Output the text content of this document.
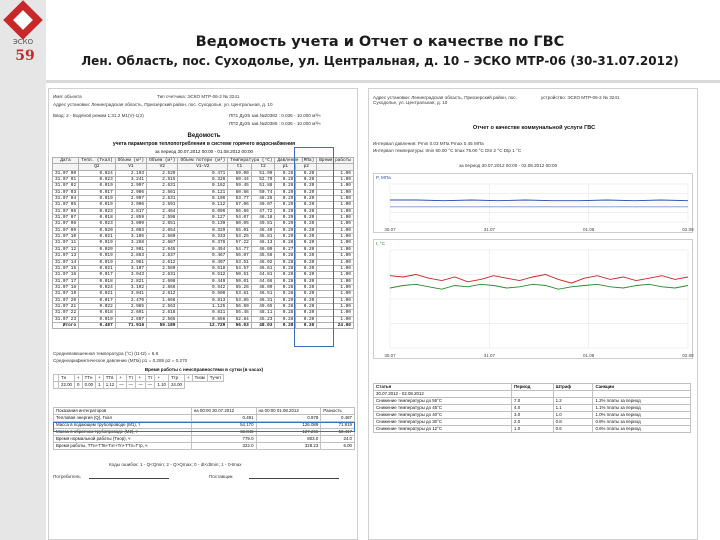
ЭСКО
59
Ведомость учета и Отчет о качестве по ГВС
Лен. Область, пос. Суходолье, ул. Центральная, д. 10 – ЭСКО МТР-06 (30-31.07.2012)
Имя: объекта	Тип счетчика: ЭСКО МТР-06-2 № 3241
Адрес установки: Ленинградская область, Приозерский район, пос. Суходолье, ул. Центральная, д. 10
Ввод: 2 - Водяной режим 1;31.2 М1(V)-1(2)	ПП1 Ду25 зав.№20382 : 0.036 - 10.000 м³/ч
ПП2 Ду25 зав.№20386 : 0.036 - 10.000 м³/ч
Ведомость
учета параметров теплопотребления в системе горячего водоснабжения
за период 30.07.2012 00:00 - 01.08.2012 00:00
Дата	Тепл. (Гкал)	Объем (м³)	Объем (м³)	Объем потери (м³)	Температура (°С)		Давление (МПа)		Время работы
	Q2	V1	V2	V1-V2	t1	t2	p1	p2	
31.07 00	0.024	2.193	2.529	0.471	59.00	51.99	0.28	0.20	1.00
31.07 01	0.023	3.241	2.515	0.320	60.44	52.79	0.28	0.20	1.00
31.07 02	0.019	2.997	2.631	0.162	59.45	51.88	0.28	0.20	1.00
31.07 03	0.017	2.906	2.561	0.121	60.66	50.74	0.29	0.20	1.00
31.07 04	0.019	2.997	2.631	0.106	53.77	48.26	0.29	0.20	1.00
31.07 05	0.019	2.906	2.591	0.112	57.06	49.07	0.29	0.20	1.00
31.07 06	0.023	2.817	2.484	0.096	56.66	47.72	0.29	0.20	1.00
31.07 07	0.018	2.859	2.598	0.127	54.07	46.18	0.29	0.20	1.00
31.07 08	0.023	3.009	2.651	0.139	60.05	49.81	0.29	0.20	1.00
31.07 09	0.020	3.003	2.654	0.329	55.01	46.49	0.29	0.20	1.00
31.07 10	0.021	3.105	2.680	0.333	53.25	45.81	0.29	0.20	1.00
31.07 11	0.019	3.268	2.687	0.376	57.22	46.13	0.28	0.20	1.00
31.07 12	0.020	2.901	2.645	0.454	54.77	46.09	0.27	0.20	1.00
31.07 13	0.019	2.863	2.637	0.467	56.07	45.56	0.28	0.20	1.00
31.07 14	0.019	2.961	2.612	0.497	53.51	46.02	0.28	0.20	1.00
31.07 15	0.021	3.107	2.589	0.518	54.57	46.61	0.28	0.20	1.00
31.07 16	0.017	3.043	2.631	0.512	50.51	44.81	0.28	0.20	1.00
31.07 17	0.018	2.821	2.608	0.449	50.01	44.66	0.28	0.20	1.00
31.07 18	0.024	3.192	2.666	0.542	55.26	48.09	0.28	0.20	1.00
31.07 19	0.021	3.041	2.612	0.500	53.81	46.51	0.28	0.20	1.00
31.07 20	0.017	2.470	1.666	0.813	53.85	46.31	0.29	0.20	1.00
31.07 21	0.022	2.965	2.563	1.125	56.60	49.65	0.28	0.20	1.00
31.07 22	0.018	2.691	2.618	0.811	55.45	48.11	0.28	0.20	1.00
31.07 23	0.019	2.607	2.565	0.856	52.84	45.23	0.28	0.20	1.00
Итого	0.487	71.916	59.189	12.729	56.03	48.03	0.28	0.20	24.00
Средневзвешенная температура (°С) (t1-t2) = 6.8
Среднеарифметическое давление (МПа) p1 = 0.285 p2 = 0.270
Время работы с неисправностями в сутки (в часах)
	Tн	+	TTн	+	TTв	+	Tт	+	Tт	+	Tтр	+	Tизм	Tучет
	22.00	0	0.00	1	1.12	—	—	—	—	1.10	24.00			
Показания интеграторов	на 00:00 30.07.2012	на 00:00 01.08.2012	Разность
Тепловая энергия (Q), Гкал	0.491	0.978	0.487
Масса в подающем трубопроводе (М1), т	54.170	126.089	71.919
Масса в обратном трубопроводе (М2), т	68.848	127.265	58.417
Время нормальной работы (Tнор), ч	779.0	803.0	24.0
Время работы, ТТн+TТв+Tэт+Tп+TTп=Tтр, ч	322.0	328.23	6.00
Коды ошибок: 1 - Q<Qmin; 2 - Q>Qmax; 0 - dt<dtmin; 1 - t>tmax
Потребитель	Поставщик
Адрес установки: Ленинградская область, Приозерский район, пос. Суходолье, ул. Центральная, д. 10
устройство: ЭСКО МТР-06-2 № 3241
Отчет о качестве коммунальной услуги ГВС
Интервал давления: Pmin 0.03 МПа Pmax 0.45 МПа
Интервал температуры: tmin 60.00 °С tmax 75.00 °С Dtn 2 °С Dtp 1 °С
за период 30.07.2012 00:00 - 02.08.2012 00:00
P, МПа
30.07	31.07	01.08	02.08
t, °С
30.07	31.07	01.08	02.08
Статья	Период	Штраф	Санкции
30.07.2012 - 02.08.2012			
Снижение температуры до 55°С	7.0	1.2	1.2% платы за период
Снижение температуры до 45°С	4.0	1.1	1.1% платы за период
Снижение температуры до 40°С	3.0	1.0	1.0% платы за период
Снижение температуры до 30°С	2.0	0.8	0.8% платы за период
Снижение температуры до 12°С	1.0	0.6	0.6% платы за период
